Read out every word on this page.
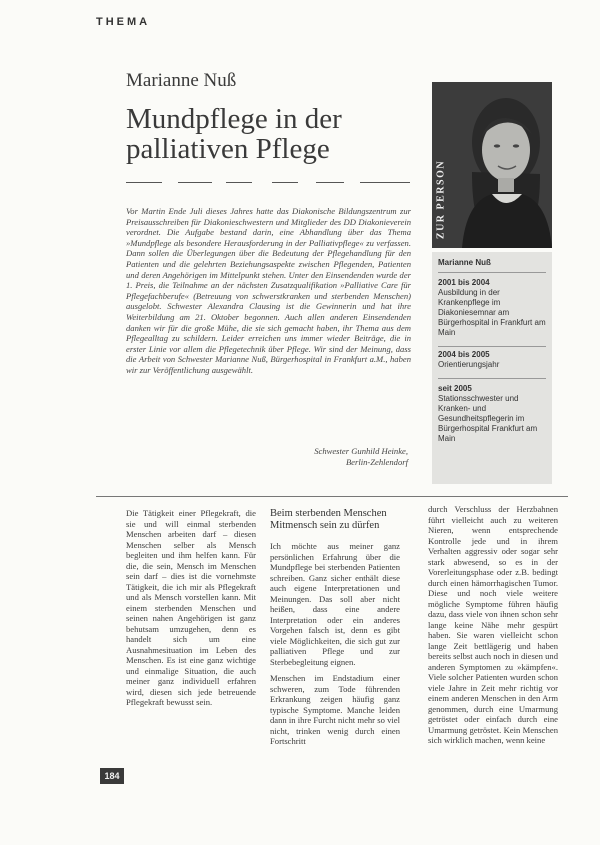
THEMA
Marianne Nuß
Mundpflege in der
palliativen Pflege
Vor Martin Ende Juli dieses Jahres hatte das Diakonische Bildungszentrum zur Preisausschreiben für Diakonieschwestern und Mitglieder des DD Diakonieverein verordnet. Die Aufgabe bestand darin, eine Abhandlung über das Thema »Mundpflege als besondere Herausforderung in der Palliativpflege« zu verfassen. Dann sollen die Überlegungen über die Bedeutung der Pflegehandlung für den Patienten und die gelehrten Beziehungsaspekte zwischen Pflegenden, Patienten und deren Angehörigen im Mittelpunkt stehen. Unter den Einsendenden wurde der 1. Preis, die Teilnahme an der nächsten Zusatzqualifikation »Palliative Care für Pflegefachberufe« (Betreuung von schwerstkranken und sterbenden Menschen) ausgelobt. Schwester Alexandra Clausing ist die Gewinnerin und hat ihre Weiterbildung am 21. Oktober begonnen. Auch allen anderen Einsendenden danken wir für die große Mühe, die sie sich gemacht haben, ihr Thema aus dem Pflegealltag zu schildern. Leider erreichen uns immer wieder Beiträge, die in erster Linie vor allem die Pflegetechnik über Pflege. Wir sind der Meinung, dass die Arbeit von Schwester Marianne Nuß, Bürgerhospital in Frankfurt a.M., haben wir zur Veröffentlichung ausgewählt.
Schwester Gunhild Heinke,
Berlin-Zehlendorf
ZUR PERSON
Marianne Nuß
2001 bis 2004
Ausbildung in der Krankenpflege im Diakoniesemnar am Bürgerhospital in Frankfurt am Main
2004 bis 2005
Orientierungsjahr
seit 2005
Stationsschwester und Kranken- und Gesundheitspflegerin im Bürgerhospital Frankfurt am Main

Die Tätigkeit einer Pflegekraft, die sie und will einmal sterbenden Menschen arbeiten darf – diesen Menschen selber als Mensch begleiten und ihm helfen kann. Für die, die sein, Mensch im Menschen sein darf – dies ist die vornehmste Tätigkeit, die ich mir als Pflegekraft und als Mensch vorstellen kann. Mit einem sterbenden Menschen und seinen nahen Angehörigen ist ganz behutsam umzugehen, denn es handelt sich um eine Ausnahmesituation im Leben des Menschen. Es ist eine ganz wichtige und einmalige Situation, die auch meiner ganz individuell erfahren wird, diesen sich jede betreuende Pflegekraft bewusst sein.

Beim sterbenden Menschen Mitmensch sein zu dürfen

Ich möchte aus meiner ganz persönlichen Erfahrung über die Mundpflege bei sterbenden Patienten schreiben. Ganz sicher enthält diese auch eigene Interpretationen und Meinungen. Das soll aber nicht heißen, dass eine andere Interpretation oder ein anderes Vorgehen falsch ist, denn es gibt viele Möglichkeiten, die sich gut zur palliativen Pflege und zur Sterbebegleitung eignen.

Menschen im Endstadium einer schweren, zum Tode führenden Erkrankung zeigen häufig ganz typische Symptome. Manche leiden dann in ihre Furcht nicht mehr so viel nicht, trinken wenig durch einen Fortschritt

durch Verschluss der Herzbahnen führt vielleicht auch zu weiteren Nieren, wenn entsprechende Kontrolle jede und in ihrem Verhalten aggressiv oder sogar sehr stark abwesend, so es in der Vorerleitungsphase oder z.B. bedingt durch einen hämorrhagischen Tumor. Diese und noch viele weitere mögliche Symptome führen häufig dazu, dass viele von ihnen schon sehr lange keine Nähe mehr gespürt haben. Sie waren vielleicht schon lange Zeit bettlägerig und haben bereits selbst auch noch in diesen und anderen Symptomen zu »kämpfen«. Viele solcher Patienten wurden schon viele Jahre in Zeit mehr richtig vor einem anderen Menschen in den Arm genommen, durch eine Umarmung getröstet oder einfach durch eine Umarmung getröstet. Kein Menschen sich wirklich machen, wenn keine

184
